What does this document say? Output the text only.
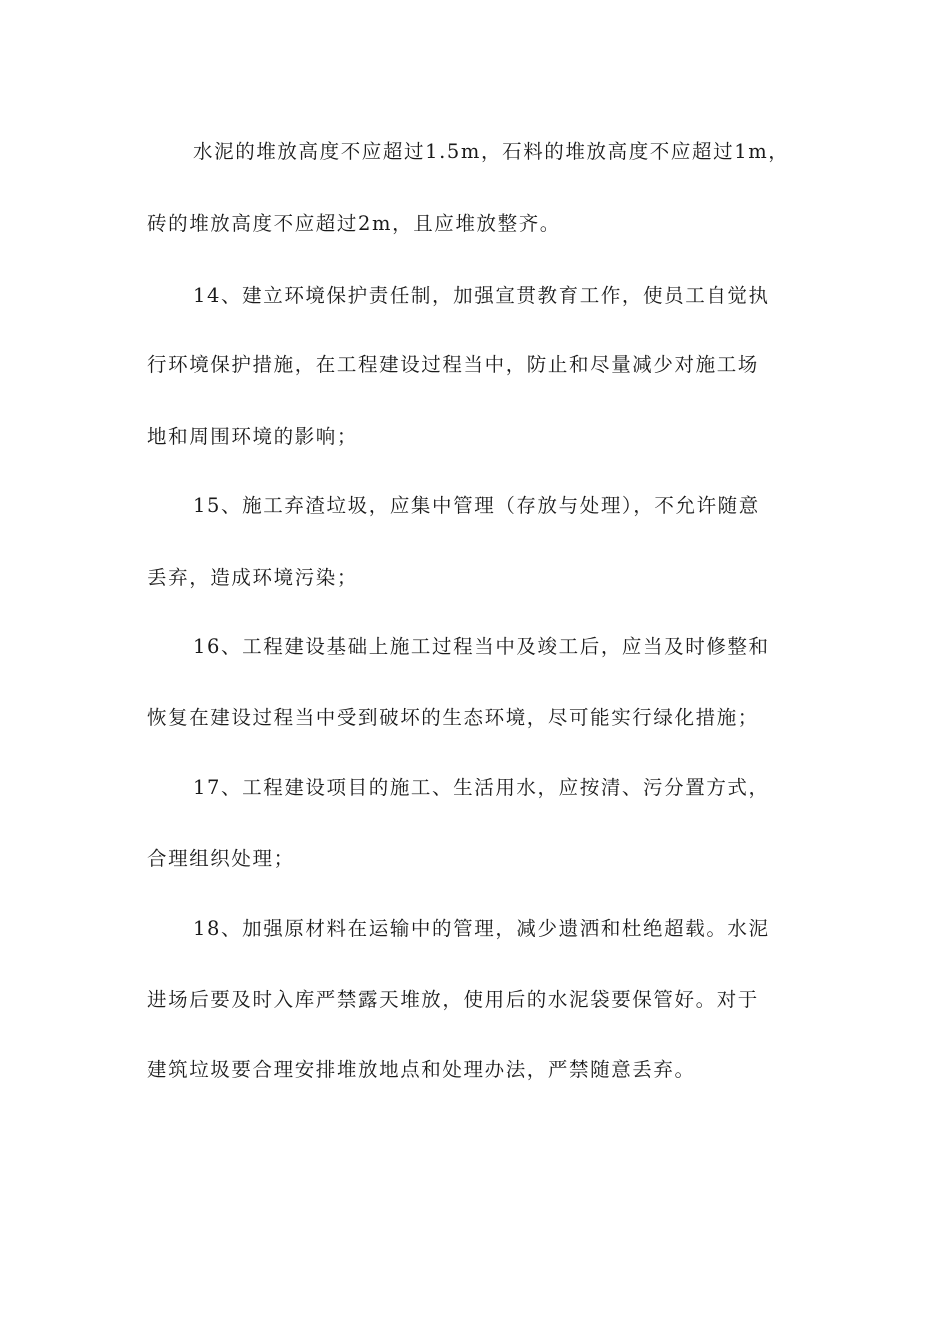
水泥的堆放高度不应超过1.5m，石料的堆放高度不应超过1m，

砖的堆放高度不应超过2m，且应堆放整齐。

14、建立环境保护责任制，加强宣贯教育工作，使员工自觉执

行环境保护措施，在工程建设过程当中，防止和尽量减少对施工场

地和周围环境的影响；

15、施工弃渣垃圾，应集中管理（存放与处理），不允许随意

丢弃，造成环境污染；

16、工程建设基础上施工过程当中及竣工后，应当及时修整和

恢复在建设过程当中受到破坏的生态环境，尽可能实行绿化措施；

17、工程建设项目的施工、生活用水，应按清、污分置方式，

合理组织处理；

18、加强原材料在运输中的管理，减少遗洒和杜绝超载。水泥

进场后要及时入库严禁露天堆放，使用后的水泥袋要保管好。对于

建筑垃圾要合理安排堆放地点和处理办法，严禁随意丢弃。
